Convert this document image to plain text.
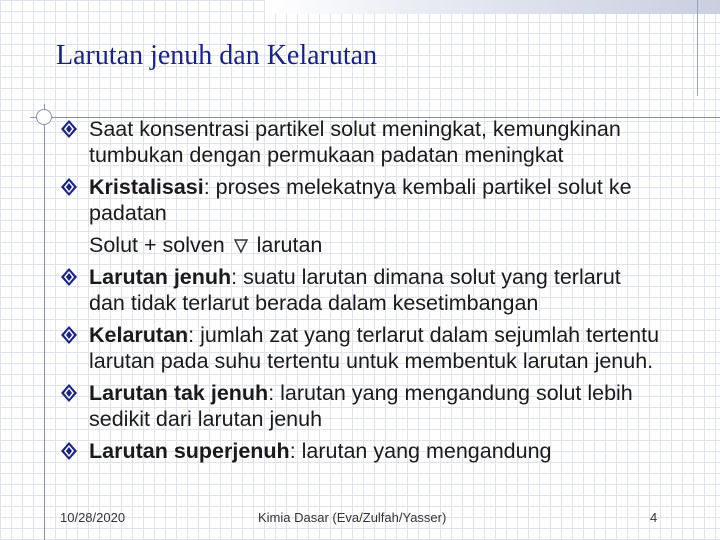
Larutan jenuh dan Kelarutan
Saat konsentrasi partikel solut meningkat, kemungkinan tumbukan dengan permukaan padatan meningkat
Kristalisasi: proses melekatnya kembali partikel solut ke padatan
Solut + solven larutan
Larutan jenuh: suatu larutan dimana solut yang terlarut dan tidak terlarut berada dalam kesetimbangan
Kelarutan: jumlah zat yang terlarut dalam sejumlah tertentu larutan pada suhu tertentu untuk membentuk larutan jenuh.
Larutan tak jenuh: larutan yang mengandung solut lebih sedikit dari larutan jenuh
Larutan superjenuh: larutan yang mengandung
10/28/2020	Kimia Dasar (Eva/Zulfah/Yasser)	4
